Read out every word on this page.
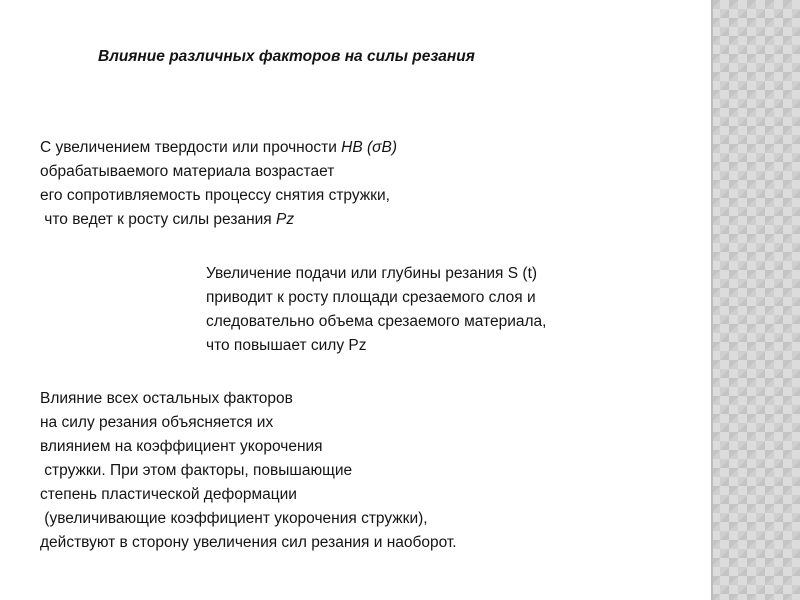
Влияние различных факторов на силы резания

С увеличением твердости или прочности НВ (σВ)
обрабатываемого материала возрастает
его сопротивляемость процессу снятия стружки,
что ведет к росту силы резания Pz

Увеличение подачи или глубины резания S (t)
приводит к росту площади срезаемого слоя и
следовательно объема срезаемого материала,
что повышает силу Pz

Влияние всех остальных факторов
на силу резания объясняется их
влиянием на коэффициент укорочения
стружки. При этом факторы, повышающие
степень пластической деформации
(увеличивающие коэффициент укорочения стружки),
действуют в сторону увеличения сил резания и наоборот.
